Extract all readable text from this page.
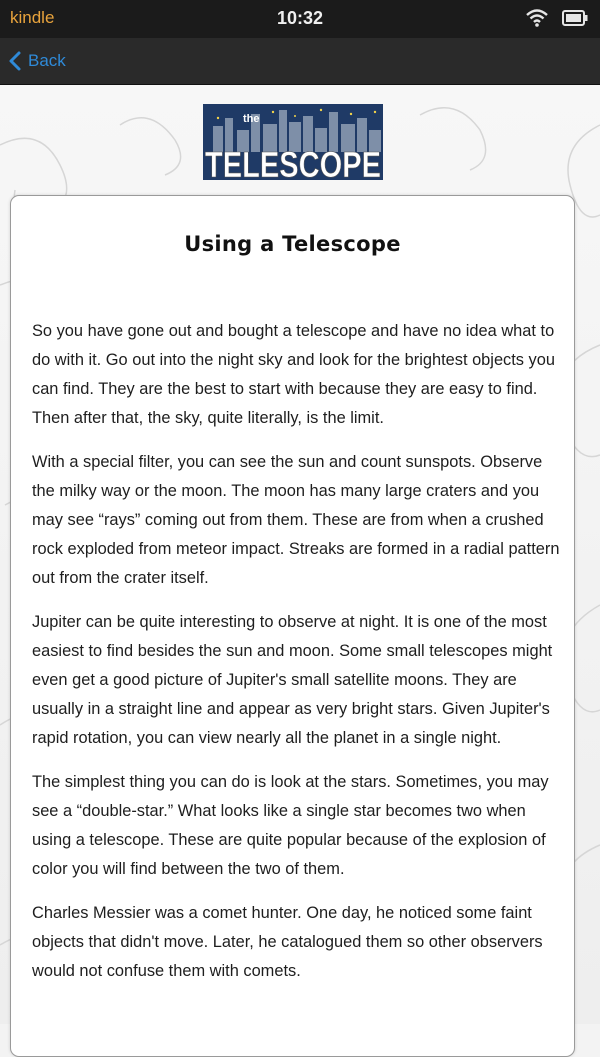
kindle	10:32
Back
the
TELESCOPE
Using a Telescope

So you have gone out and bought a telescope and have no idea what to do with it. Go out into the night sky and look for the brightest objects you can find. They are the best to start with because they are easy to find. Then after that, the sky, quite literally, is the limit.

With a special filter, you can see the sun and count sunspots. Observe the milky way or the moon. The moon has many large craters and you may see “rays” coming out from them. These are from when a crushed rock exploded from meteor impact. Streaks are formed in a radial pattern out from the crater itself.

Jupiter can be quite interesting to observe at night. It is one of the most easiest to find besides the sun and moon. Some small telescopes might even get a good picture of Jupiter's small satellite moons. They are usually in a straight line and appear as very bright stars. Given Jupiter's rapid rotation, you can view nearly all the planet in a single night.

The simplest thing you can do is look at the stars. Sometimes, you may see a “double-star.” What looks like a single star becomes two when using a telescope. These are quite popular because of the explosion of color you will find between the two of them.

Charles Messier was a comet hunter. One day, he noticed some faint objects that didn't move. Later, he catalogued them so other observers would not confuse them with comets.
